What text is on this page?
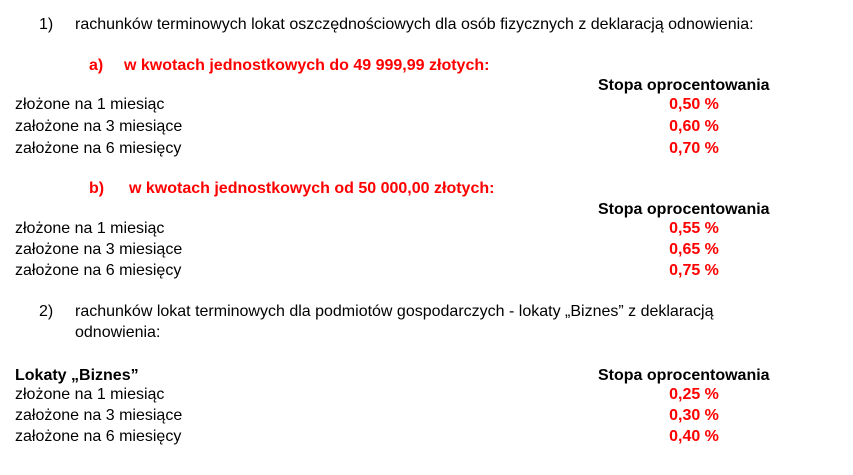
1) rachunków terminowych lokat oszczędnościowych dla osób fizycznych z deklaracją odnowienia:
a) w kwotach jednostkowych do 49 999,99 złotych:
Stopa oprocentowania
złożone na 1 miesiąc	0,50 %
założone na 3 miesiące	0,60 %
założone na 6 miesięcy	0,70 %
b) w kwotach jednostkowych od 50 000,00 złotych:
Stopa oprocentowania
złożone na 1 miesiąc	0,55 %
założone na 3 miesiące	0,65 %
założone na 6 miesięcy	0,75 %
2) rachunków lokat terminowych dla podmiotów gospodarczych - lokaty „Biznes” z deklaracją
odnowienia:
Lokaty „Biznes”	Stopa oprocentowania
złożone na 1 miesiąc	0,25 %
założone na 3 miesiące	0,30 %
założone na 6 miesięcy	0,40 %
